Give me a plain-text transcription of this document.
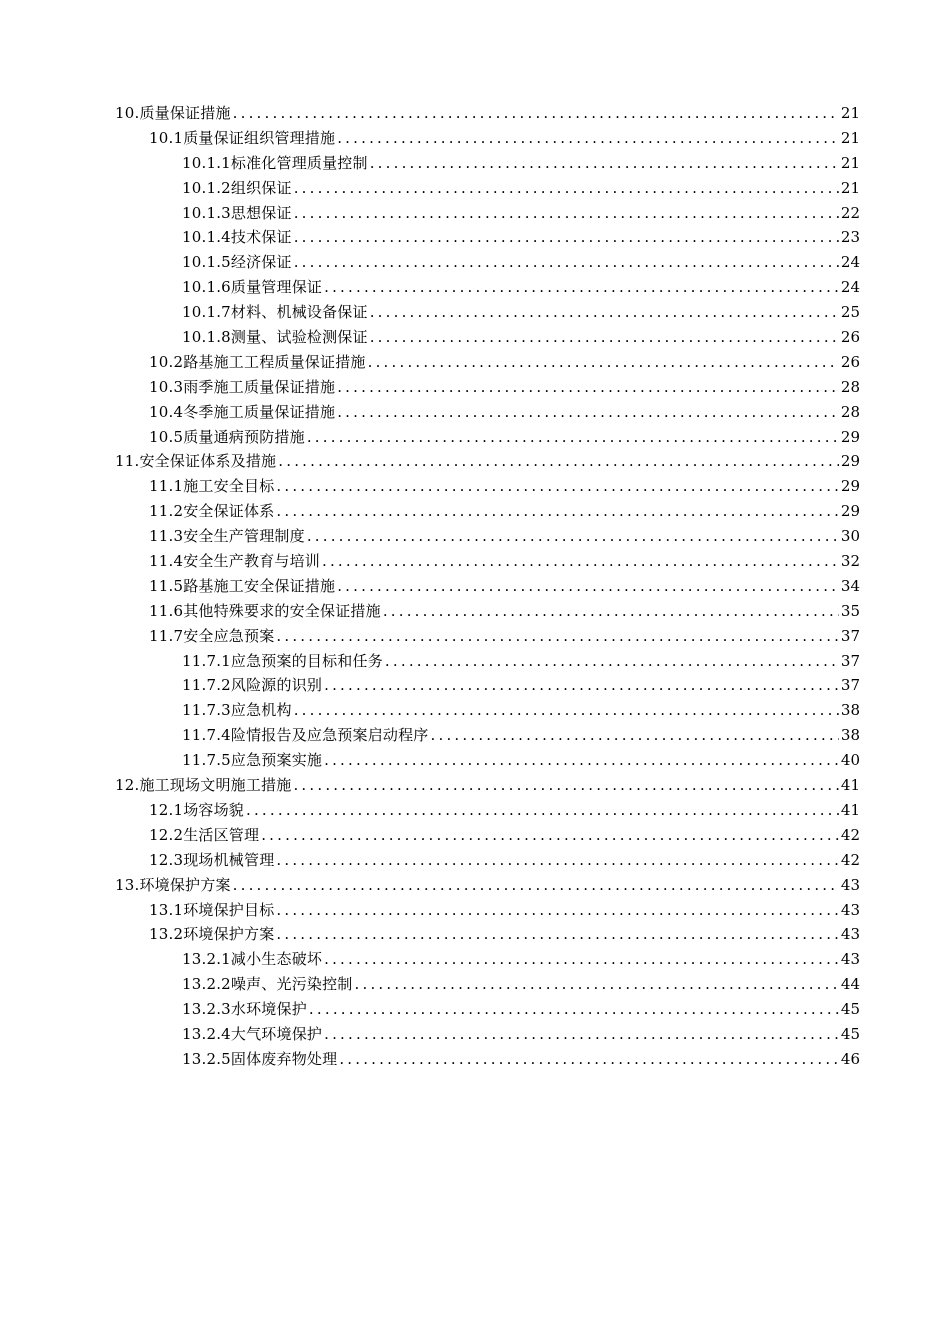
10.质量保证措施 .....	21
10.1质量保证组织管理措施 .....	21
10.1.1标准化管理质量控制 .....	21
10.1.2组织保证 .....	21
10.1.3思想保证 .....	22
10.1.4技术保证 .....	23
10.1.5经济保证 .....	24
10.1.6质量管理保证 .....	24
10.1.7材料、机械设备保证 .....	25
10.1.8测量、试验检测保证 .....	26
10.2路基施工工程质量保证措施 .....	26
10.3雨季施工质量保证措施 .....	28
10.4冬季施工质量保证措施 .....	28
10.5质量通病预防措施 .....	29
11.安全保证体系及措施 .....	29
11.1施工安全目标 .....	29
11.2安全保证体系 .....	29
11.3安全生产管理制度 .....	30
11.4安全生产教育与培训 .....	32
11.5路基施工安全保证措施 .....	34
11.6其他特殊要求的安全保证措施 .....	35
11.7安全应急预案 .....	37
11.7.1应急预案的目标和任务 .....	37
11.7.2风险源的识别 .....	37
11.7.3应急机构 .....	38
11.7.4险情报告及应急预案启动程序 .....	38
11.7.5应急预案实施 .....	40
12.施工现场文明施工措施 .....	41
12.1场容场貌 .....	41
12.2生活区管理 .....	42
12.3现场机械管理 .....	42
13.环境保护方案 .....	43
13.1环境保护目标 .....	43
13.2环境保护方案 .....	43
13.2.1减小生态破坏 .....	43
13.2.2噪声、光污染控制 .....	44
13.2.3水环境保护 .....	45
13.2.4大气环境保护 .....	45
13.2.5固体废弃物处理 .....	46
